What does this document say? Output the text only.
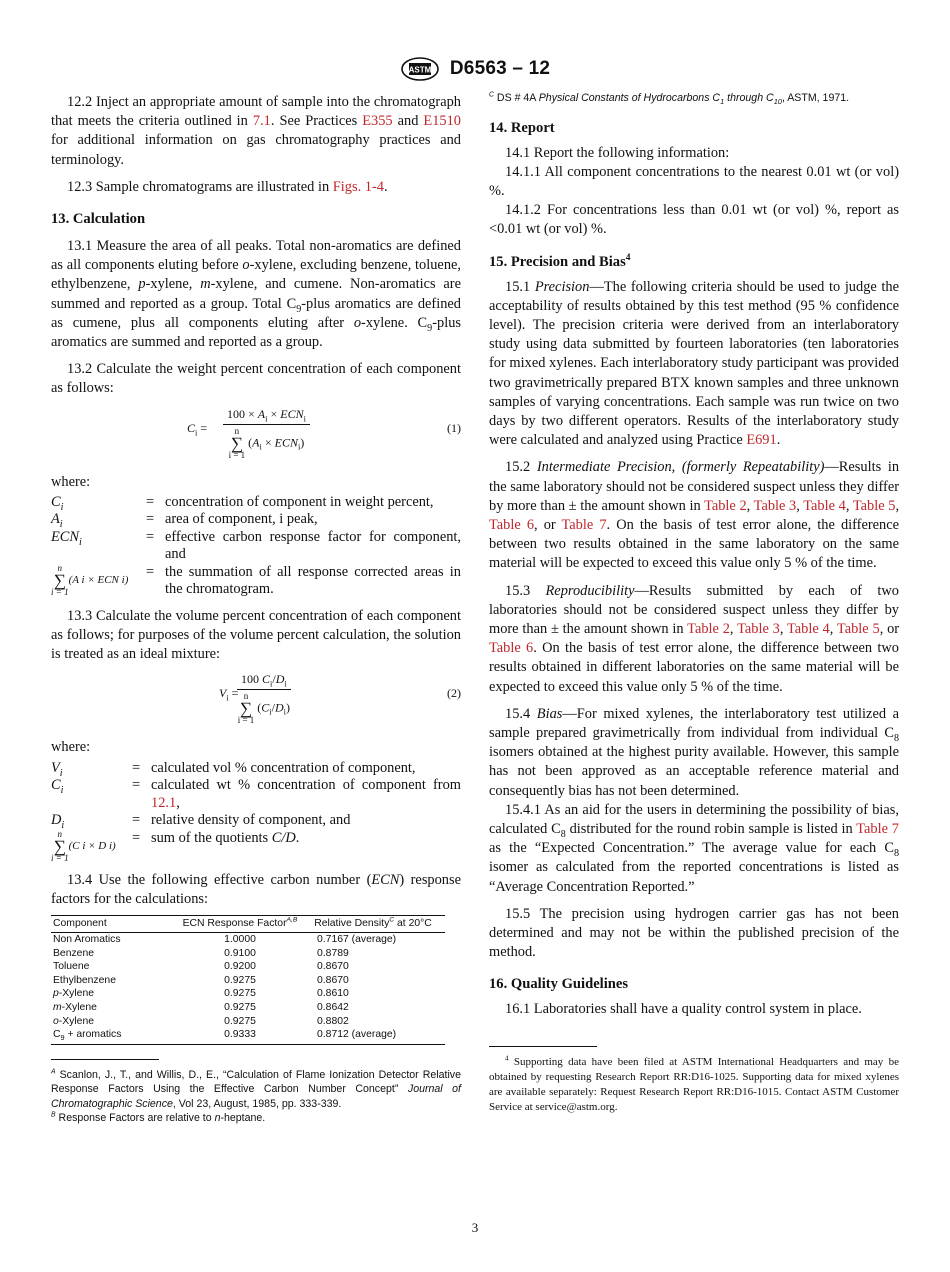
ASTM D6563 – 12

12.2 Inject an appropriate amount of sample into the chromatograph that meets the criteria outlined in 7.1. See Practices E355 and E1510 for additional information on gas chromatography practices and terminology.

12.3 Sample chromatograms are illustrated in Figs. 1-4.

13. Calculation

13.1 Measure the area of all peaks. Total non-aromatics are defined as all components eluting before o-xylene, excluding benzene, toluene, ethylbenzene, p-xylene, m-xylene, and cumene. Non-aromatics are summed and reported as a group. Total $C_9$-plus aromatics are defined as cumene, plus all components eluting after o-xylene. $C_9$-plus aromatics are summed and reported as a group.

13.2 Calculate the weight percent concentration of each component as follows:

$C_i$ =
$100 \times A_i \times ECN_i$
n
∑
i = 1 $(A_i \times ECN_i)$
(1)

where:

$C_i$	=	concentration of component in weight percent,
$A_i$	=	area of component, i peak,
$ECN_i$	=	effective carbon response factor for component, and
n
∑
i = 1(A i × ECN i)	=	the summation of all response corrected areas in the chromatogram.

13.3 Calculate the volume percent concentration of each component as follows; for purposes of the volume percent calculation, the solution is treated as an ideal mixture:

$V_i$ =
100 $C_i/D_i$
n
∑
i = 1 $(C_i/D_i)$	(2)

where:

$V_i$	=	calculated vol % concentration of component,
$C_i$	=	calculated wt % concentration of component from 12.1,
$D_i$	=	relative density of component, and
n
∑
i = 1(C i × D i)	=	sum of the quotients C/D.

13.4 Use the following effective carbon number (ECN) response factors for the calculations:

Component	ECN Response Factor$^{A,B}$	Relative Density$^C$ at 20°C
Non Aromatics	1.0000	0.7167 (average)
Benzene	0.9100	0.8789
Toluene	0.9200	0.8670
Ethylbenzene	0.9275	0.8670
p-Xylene	0.9275	0.8610
m-Xylene	0.9275	0.8642
o-Xylene	0.9275	0.8802
$C_9$ + aromatics	0.9333	0.8712 (average)

$^A$ Scanlon, J., T., and Willis, D., E., “Calculation of Flame Ionization Detector Relative Response Factors Using the Effective Carbon Number Concept” Journal of Chromatographic Science, Vol 23, August, 1985, pp. 333-339.

$^B$ Response Factors are relative to n-heptane.

$^C$ DS # 4A Physical Constants of Hydrocarbons $C_1$ through $C_{10}$, ASTM, 1971.

14. Report

14.1 Report the following information:

14.1.1 All component concentrations to the nearest 0.01 wt (or vol) %.

14.1.2 For concentrations less than 0.01 wt (or vol) %, report as <0.01 wt (or vol) %.

15. Precision and Bias$^4$

15.1 Precision—The following criteria should be used to judge the acceptability of results obtained by this test method (95 % confidence level). The precision criteria were derived from an interlaboratory study using data submitted by fourteen laboratories (ten laboratories for mixed xylenes. Each interlaboratory study participant was provided two gravimetrically prepared BTX known samples and three unknown samples of varying concentrations. Each sample was run twice on two days by two different operators. Results of the interlaboratory study were calculated and analyzed using Practice E691.

15.2 Intermediate Precision, (formerly Repeatability)—Results in the same laboratory should not be considered suspect unless they differ by more than ± the amount shown in Table 2, Table 3, Table 4, Table 5, Table 6, or Table 7. On the basis of test error alone, the difference between two results obtained in the same laboratory on the same material will be expected to exceed this value only 5 % of the time.

15.3 Reproducibility—Results submitted by each of two laboratories should not be considered suspect unless they differ by more than ± the amount shown in Table 2, Table 3, Table 4, Table 5, or Table 6. On the basis of test error alone, the difference between two results obtained in different laboratories on the same material will be expected to exceed this value only 5 % of the time.

15.4 Bias—For mixed xylenes, the interlaboratory test utilized a sample prepared gravimetrically from individual from individual $C_8$ isomers obtained at the highest purity available. However, this sample has not been approved as an acceptable reference material and consequently bias has not been determined.

15.4.1 As an aid for the users in determining the possibility of bias, calculated $C_8$ distributed for the round robin sample is listed in Table 7 as the “Expected Concentration.” The average value for each $C_8$ isomer as calculated from the reported concentrations is listed as “Average Concentration Reported.”

15.5 The precision using hydrogen carrier gas has not been determined and may not be within the published precision of the method.

16. Quality Guidelines

16.1 Laboratories shall have a quality control system in place.

$^4$ Supporting data have been filed at ASTM International Headquarters and may be obtained by requesting Research Report RR:D16-1025. Supporting data for mixed xylenes are available separately: Request Research Report RR:D16-1015. Contact ASTM Customer Service at service@astm.org.

3
